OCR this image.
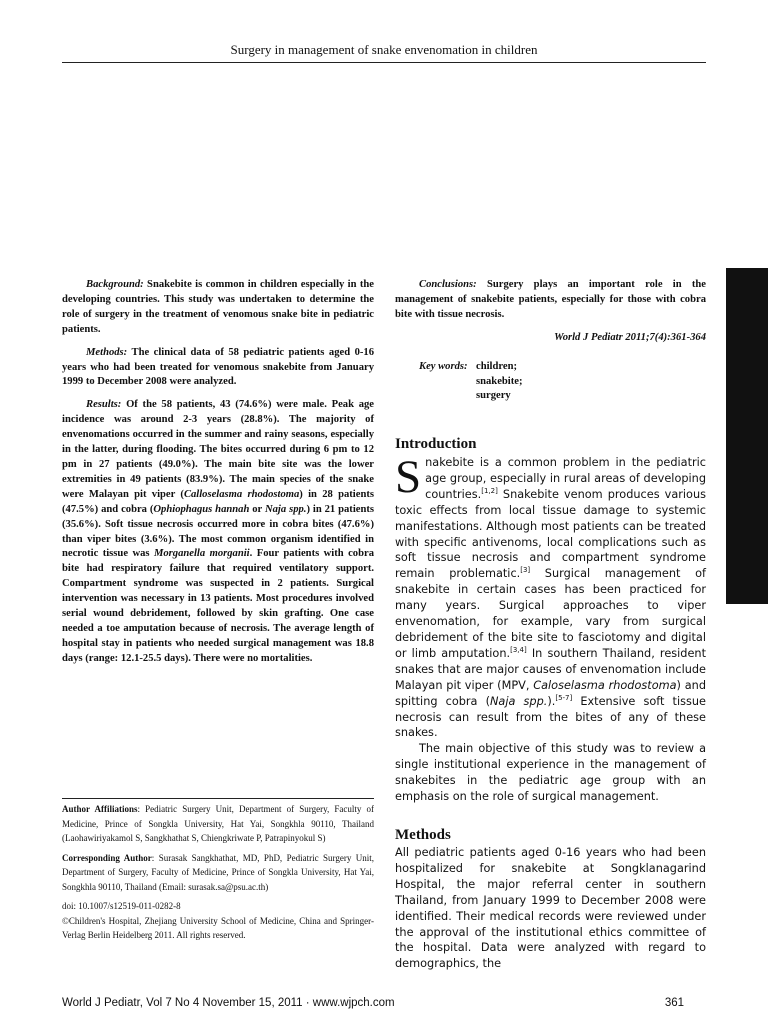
Surgery in management of snake envenomation in children

Background: Snakebite is common in children especially in the developing countries. This study was undertaken to determine the role of surgery in the treatment of venomous snake bite in pediatric patients.

Methods: The clinical data of 58 pediatric patients aged 0-16 years who had been treated for venomous snakebite from January 1999 to December 2008 were analyzed.

Results: Of the 58 patients, 43 (74.6%) were male. Peak age incidence was around 2-3 years (28.8%). The majority of envenomations occurred in the summer and rainy seasons, especially in the latter, during flooding. The bites occurred during 6 pm to 12 pm in 27 patients (49.0%). The main bite site was the lower extremities in 49 patients (83.9%). The main species of the snake were Malayan pit viper (Calloselasma rhodostoma) in 28 patients (47.5%) and cobra (Ophiophagus hannah or Naja spp.) in 21 patients (35.6%). Soft tissue necrosis occurred more in cobra bites (47.6%) than viper bites (3.6%). The most common organism identified in necrotic tissue was Morganella morganii. Four patients with cobra bite had respiratory failure that required ventilatory support. Compartment syndrome was suspected in 2 patients. Surgical intervention was necessary in 13 patients. Most procedures involved serial wound debridement, followed by skin grafting. One case needed a toe amputation because of necrosis. The average length of hospital stay in patients who needed surgical management was 18.8 days (range: 12.1-25.5 days). There were no mortalities.

Conclusions: Surgery plays an important role in the management of snakebite patients, especially for those with cobra bite with tissue necrosis.

World J Pediatr 2011;7(4):361-364
Key words: children;
snakebite;
surgery
Introduction

Snakebite is a common problem in the pediatric age group, especially in rural areas of developing countries.[1,2] Snakebite venom produces various toxic effects from local tissue damage to systemic manifestations. Although most patients can be treated with specific antivenoms, local complications such as soft tissue necrosis and compartment syndrome remain problematic.[3] Surgical management of snakebite in certain cases has been practiced for many years. Surgical approaches to viper envenomation, for example, vary from surgical debridement of the bite site to fasciotomy and digital or limb amputation.[3,4] In southern Thailand, resident snakes that are major causes of envenomation include Malayan pit viper (MPV, Caloselasma rhodostoma) and spitting cobra (Naja spp.).[5-7] Extensive soft tissue necrosis can result from the bites of any of these snakes.

The main objective of this study was to review a single institutional experience in the management of snakebites in the pediatric age group with an emphasis on the role of surgical management.

Methods

All pediatric patients aged 0-16 years who had been hospitalized for snakebite at Songklanagarind Hospital, the major referral center in southern Thailand, from January 1999 to December 2008 were identified. Their medical records were reviewed under the approval of the institutional ethics committee of the hospital. Data were analyzed with regard to demographics, the

Author Affiliations: Pediatric Surgery Unit, Department of Surgery, Faculty of Medicine, Prince of Songkla University, Hat Yai, Songkhla 90110, Thailand (Laohawiriyakamol S, Sangkhathat S, Chiengkriwate P, Patrapinyokul S)

Corresponding Author: Surasak Sangkhathat, MD, PhD, Pediatric Surgery Unit, Department of Surgery, Faculty of Medicine, Prince of Songkla University, Hat Yai, Songkhla 90110, Thailand (Email: surasak.sa@psu.ac.th)

doi: 10.1007/s12519-011-0282-8

©Children's Hospital, Zhejiang University School of Medicine, China and Springer-Verlag Berlin Heidelberg 2011. All rights reserved.

World J Pediatr, Vol 7 No 4 November 15, 2011 · www.wjpch.com	361
